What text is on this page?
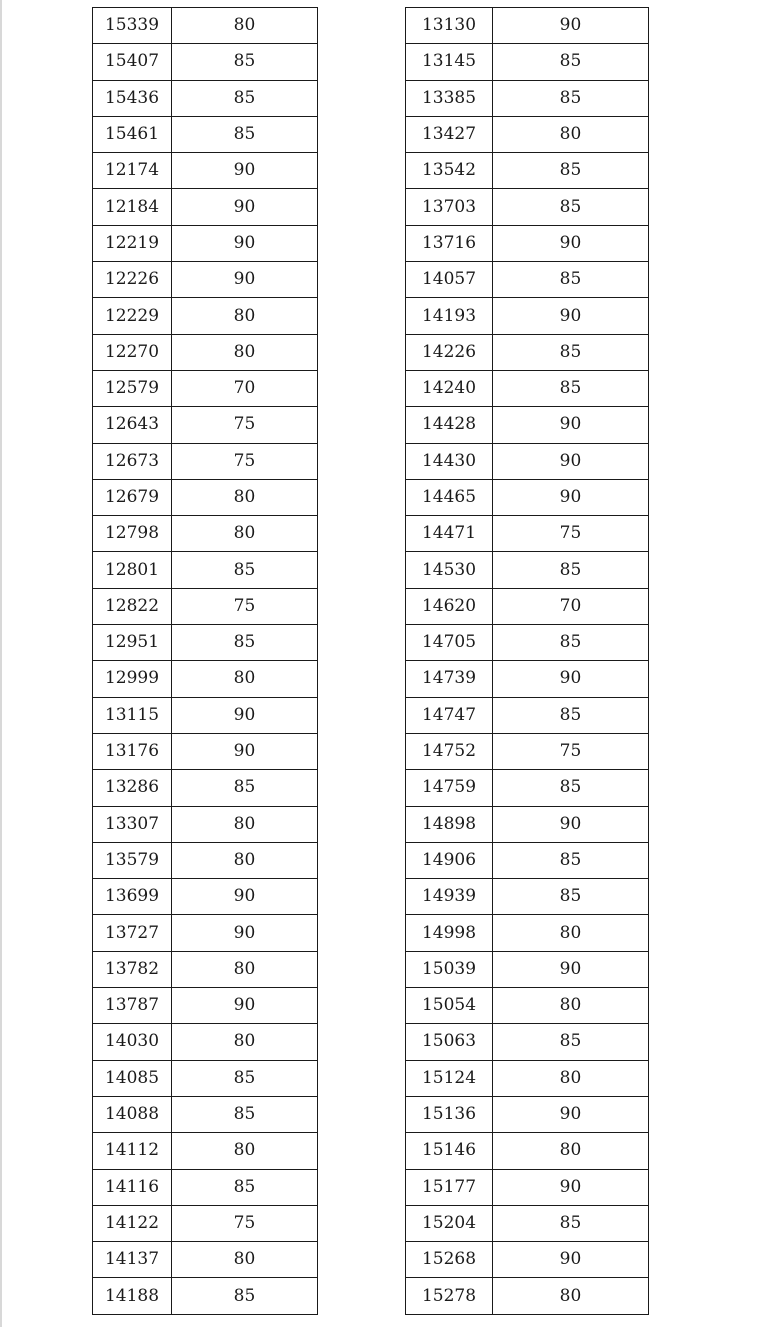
15339	80
15407	85
15436	85
15461	85
12174	90
12184	90
12219	90
12226	90
12229	80
12270	80
12579	70
12643	75
12673	75
12679	80
12798	80
12801	85
12822	75
12951	85
12999	80
13115	90
13176	90
13286	85
13307	80
13579	80
13699	90
13727	90
13782	80
13787	90
14030	80
14085	85
14088	85
14112	80
14116	85
14122	75
14137	80
14188	85
13130	90
13145	85
13385	85
13427	80
13542	85
13703	85
13716	90
14057	85
14193	90
14226	85
14240	85
14428	90
14430	90
14465	90
14471	75
14530	85
14620	70
14705	85
14739	90
14747	85
14752	75
14759	85
14898	90
14906	85
14939	85
14998	80
15039	90
15054	80
15063	85
15124	80
15136	90
15146	80
15177	90
15204	85
15268	90
15278	80
